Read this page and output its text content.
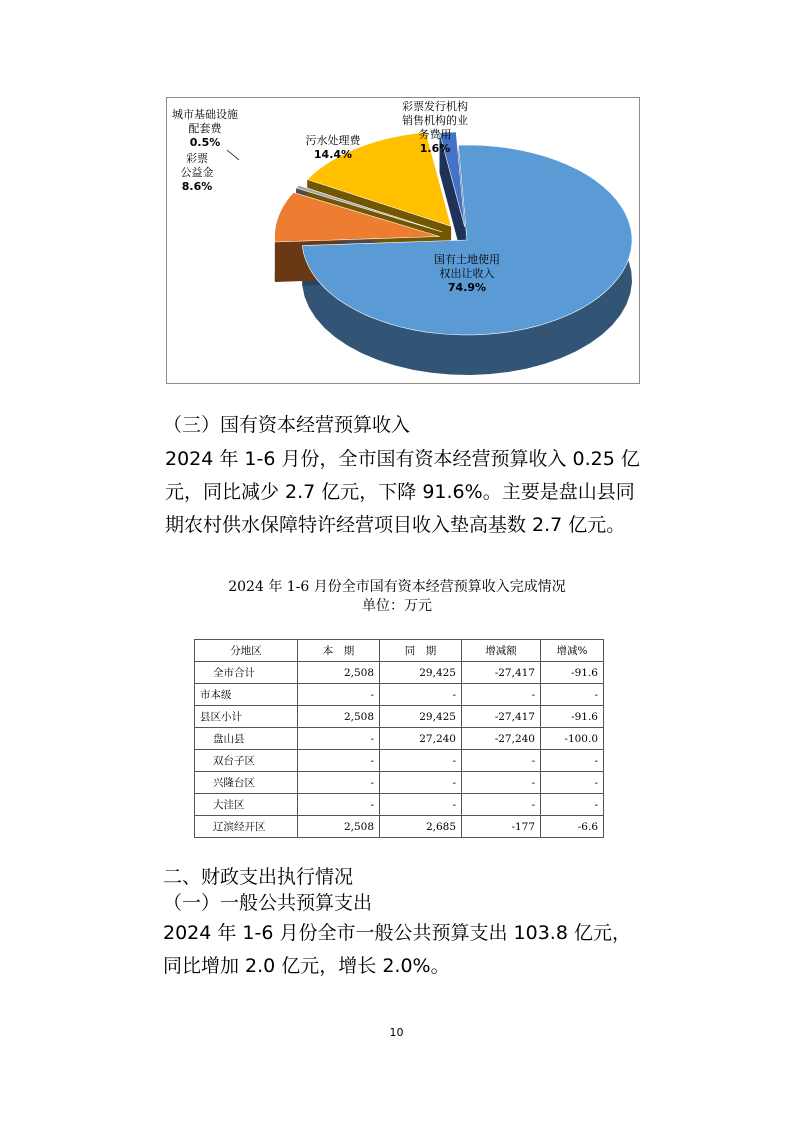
国有土地使用
权出让收入
74.9%
彩票
公益金
8.6%
城市基础设施
配套费
0.5%	污水处理费
14.4%
彩票发行机构
销售机构的业
务费用
1.6%
（三）国有资本经营预算收入
2024 年 1-6 月份，全市国有资本经营预算收入 0.25 亿元，同比减少 2.7 亿元，下降 91.6%。主要是盘山县同期农村供水保障特许经营项目收入垫高基数 2.7 亿元。
2024 年 1-6 月份全市国有资本经营预算收入完成情况
单位：万元
分地区	本　期	同　期	增减额	增减%
全市合计	2,508	29,425	-27,417	-91.6
市本级	-	-	-	-
县区小计	2,508	29,425	-27,417	-91.6
盘山县	-	27,240	-27,240	-100.0
双台子区	-	-	-	-
兴隆台区	-	-	-	-
大洼区	-	-	-	-
辽滨经开区	2,508	2,685	-177	-6.6
二、财政支出执行情况
（一）一般公共预算支出
2024 年 1-6 月份全市一般公共预算支出 103.8 亿元，同比增加 2.0 亿元，增长 2.0%。
10
